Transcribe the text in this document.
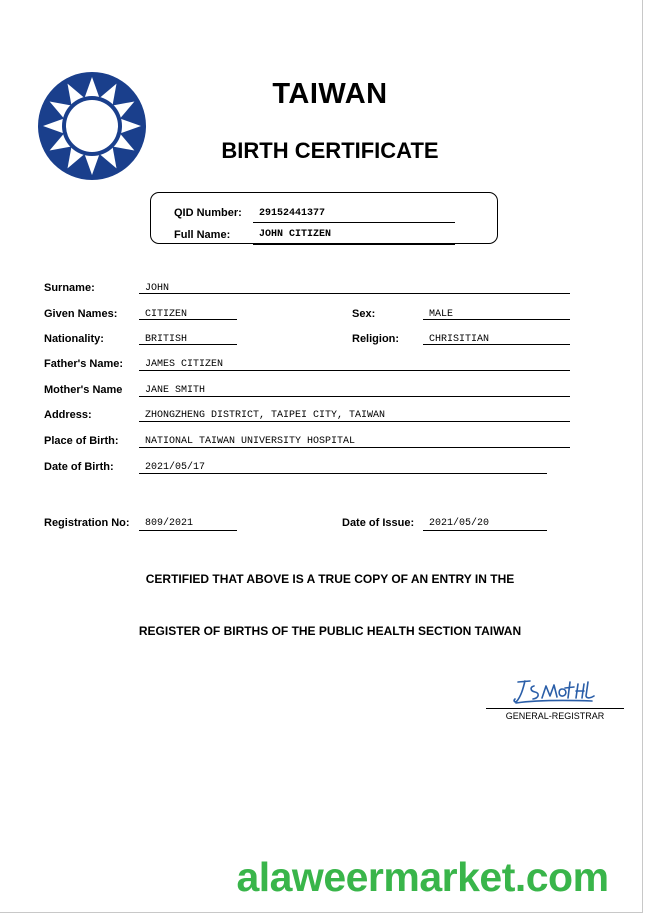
TAIWAN
BIRTH CERTIFICATE
QID Number: 29152441377
Full Name:	JOHN CITIZEN
Surname:	JOHN
Given Names:	CITIZEN	Sex:	MALE
Nationality:	BRITISH	Religion:	CHRISITIAN
Father's Name: JAMES CITIZEN
Mother's Name JANE SMITH
Address:	ZHONGZHENG DISTRICT, TAIPEI CITY, TAIWAN
Place of Birth:	NATIONAL TAIWAN UNIVERSITY HOSPITAL
Date of Birth:	2021/05/17
Registration No: 809/2021	Date of Issue: 2021/05/20
CERTIFIED THAT ABOVE IS A TRUE COPY OF AN ENTRY IN THE
REGISTER OF BIRTHS OF THE PUBLIC HEALTH SECTION TAIWAN
GENERAL-REGISTRAR
alaweermarket.com
